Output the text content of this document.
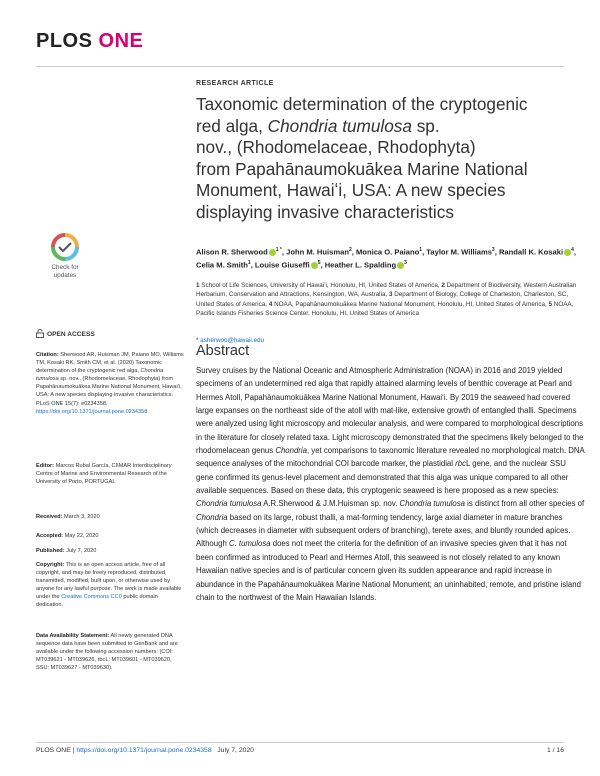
PLOS ONE
Check for
updates
OPEN ACCESS
Citation: Sherwood AR, Huisman JM, Paiano MO, Williams TM, Kosaki RK, Smith CM, et al. (2020) Taxonomic determination of the cryptogenic red alga, Chondria tumulosa sp. nov., (Rhodomelaceae, Rhodophyta) from Papahānaumokuākea Marine National Monument, Hawaiʻi, USA: A new species displaying invasive characteristics. PLoS ONE 15(7): e0234358. https://doi.org/10.1371/journal.pone.0234358
Editor: Marcos Rubal García, CIIMAR Interdisciplinary Centre of Marine and Environmental Research of the University of Porto, PORTUGAL
Received: March 3, 2020
Accepted: May 22, 2020
Published: July 7, 2020
Copyright: This is an open access article, free of all copyright, and may be freely reproduced, distributed, transmitted, modified, built upon, or otherwise used by anyone for any lawful purpose. The work is made available under the Creative Commons CC0 public domain dedication.
Data Availability Statement: All newly generated DNA sequence data have been submitted to GenBank and are available under the following accession numbers: (COI: MT039621 - MT039626, rbcL: MT039601 - MT039620, SSU: MT039627 - MT039630).
RESEARCH ARTICLE
Taxonomic determination of the cryptogenic
red alga, Chondria tumulosa sp.
nov., (Rhodomelaceae, Rhodophyta)
from Papahānaumokuākea Marine National
Monument, Hawaiʻi, USA: A new species
displaying invasive characteristics
Alison R. Sherwood $^{1 *}$, John M. Huisman$^2$, Monica O. Paiano$^1$, Taylor M. Williams$^3$, Randall K. Kosaki $^4$, Celia M. Smith$^1$, Louise Giuseffi $^5$, Heather L. Spalding $^3$
1 School of Life Sciences, University of Hawaiʻi, Honolulu, HI, United States of America, 2 Department of Biodiversity, Western Australian Herbarium, Conservation and Attractions, Kensington, WA, Australia, 3 Department of Biology, College of Charleston, Charleston, SC, United States of America, 4 NOAA, Papahānaumokuākea Marine National Monument, Honolulu, HI, United States of America, 5 NOAA, Pacific Islands Fisheries Science Center, Honolulu, HI, United States of America
* asherwoo@hawaii.edu
Abstract
Survey cruises by the National Oceanic and Atmospheric Administration (NOAA) in 2016 and 2019 yielded specimens of an undetermined red alga that rapidly attained alarming levels of benthic coverage at Pearl and Hermes Atoll, Papahānaumokuākea Marine National Monument, Hawaiʻi. By 2019 the seaweed had covered large expanses on the northeast side of the atoll with mat-like, extensive growth of entangled thalli. Specimens were analyzed using light microscopy and molecular analysis, and were compared to morphological descriptions in the literature for closely related taxa. Light microscopy demonstrated that the specimens likely belonged to the rhodomelacean genus Chondria, yet comparisons to taxonomic literature revealed no morphological match. DNA sequence analyses of the mitochondrial COI barcode marker, the plastidial rbcL gene, and the nuclear SSU gene confirmed its genus-level placement and demonstrated that this alga was unique compared to all other available sequences. Based on these data, this cryptogenic seaweed is here proposed as a new species: Chondria tumulosa A.R.Sherwood & J.M.Huisman sp. nov. Chondria tumulosa is distinct from all other species of Chondria based on its large, robust thalli, a mat-forming tendency, large axial diameter in mature branches (which decreases in diameter with subsequent orders of branching), terete axes, and bluntly rounded apices. Although C. tumulosa does not meet the criteria for the definition of an invasive species given that it has not been confirmed as introduced to Pearl and Hermes Atoll, this seaweed is not closely related to any known Hawaiian native species and is of particular concern given its sudden appearance and rapid increase in abundance in the Papahānaumokuākea Marine National Monument; an uninhabited, remote, and pristine island chain to the northwest of the Main Hawaiian Islands.
PLOS ONE | https://doi.org/10.1371/journal.pone.0234358 July 7, 2020	1 / 16
